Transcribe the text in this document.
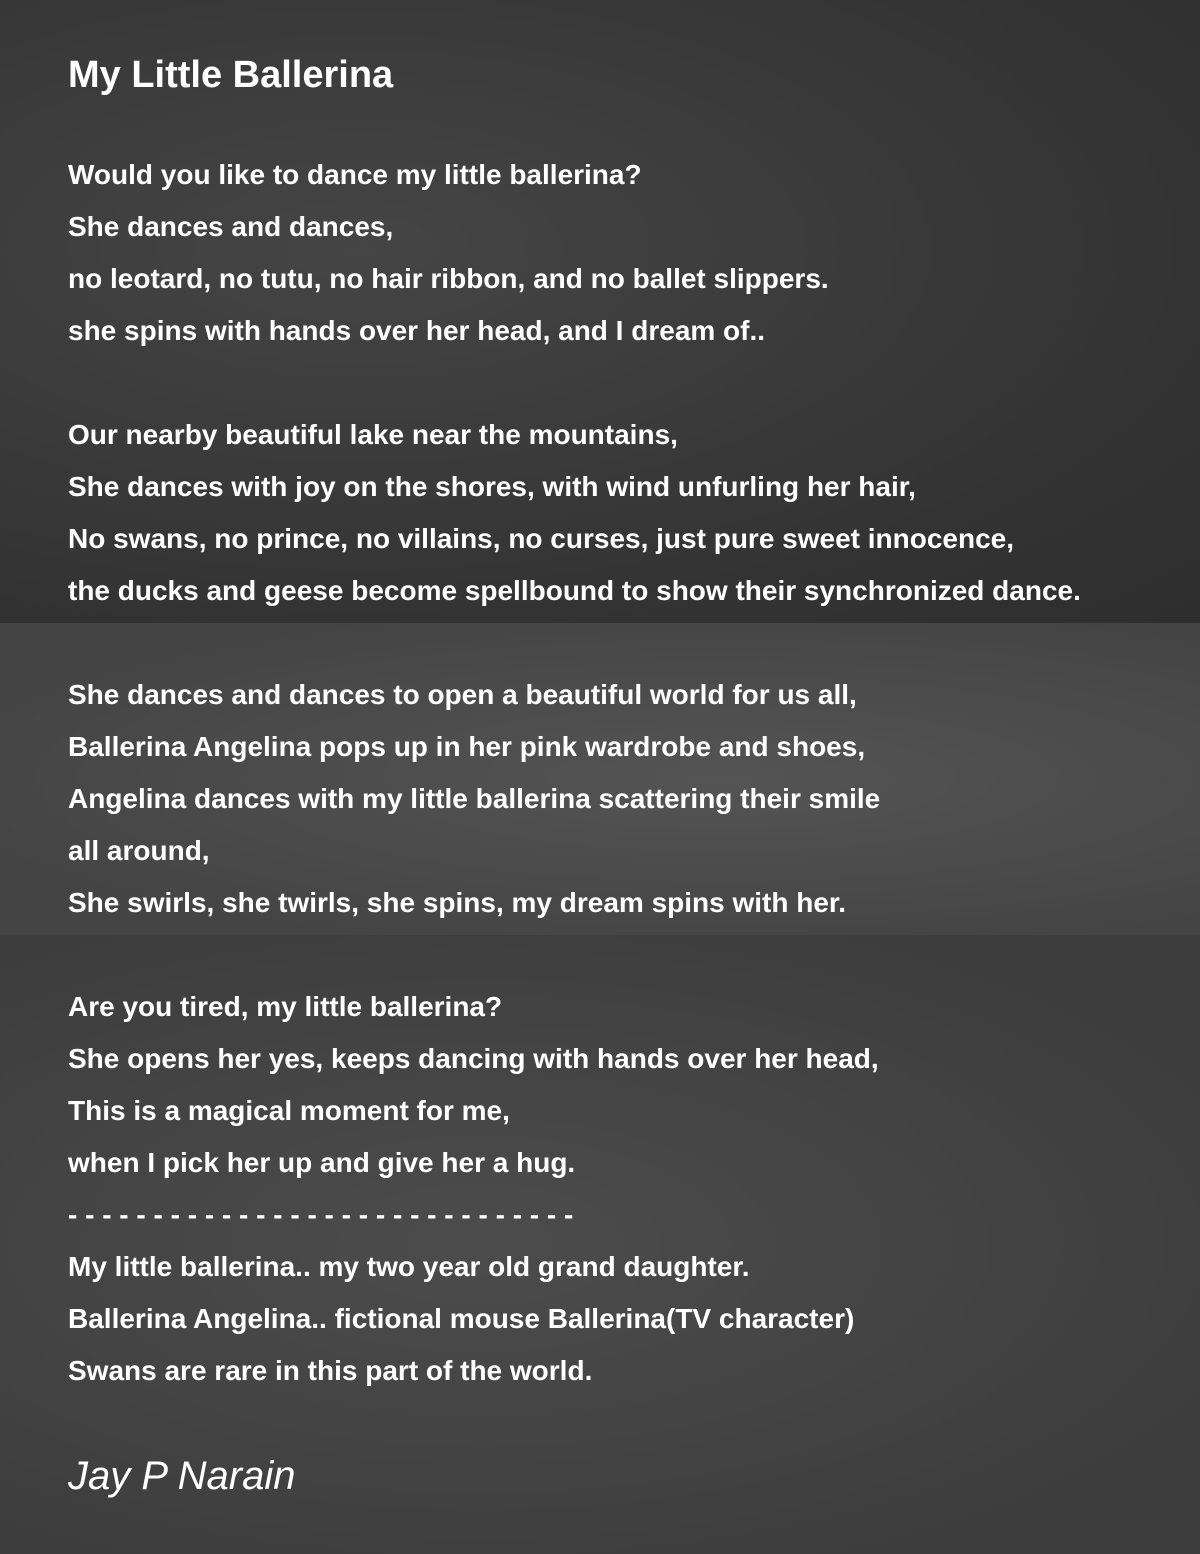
My Little Ballerina
Would you like to dance my little ballerina?
She dances and dances,
no leotard, no tutu, no hair ribbon, and no ballet slippers.
she spins with hands over her head, and I dream of..
Our nearby beautiful lake near the mountains,
She dances with joy on the shores, with wind unfurling her hair,
No swans, no prince, no villains, no curses, just pure sweet innocence,
the ducks and geese become spellbound to show their synchronized dance.
She dances and dances to open a beautiful world for us all,
Ballerina Angelina pops up in her pink wardrobe and shoes,
Angelina dances with my little ballerina scattering their smile
all around,
She swirls, she twirls, she spins, my dream spins with her.
Are you tired, my little ballerina?
She opens her yes, keeps dancing with hands over her head,
This is a magical moment for me,
when I pick her up and give her a hug.
- - - - - - - - - - - - - - - - - - - - - - - - - - - - - -
My little ballerina.. my two year old grand daughter.
Ballerina Angelina.. fictional mouse Ballerina(TV character)
Swans are rare in this part of the world.
Jay P Narain
